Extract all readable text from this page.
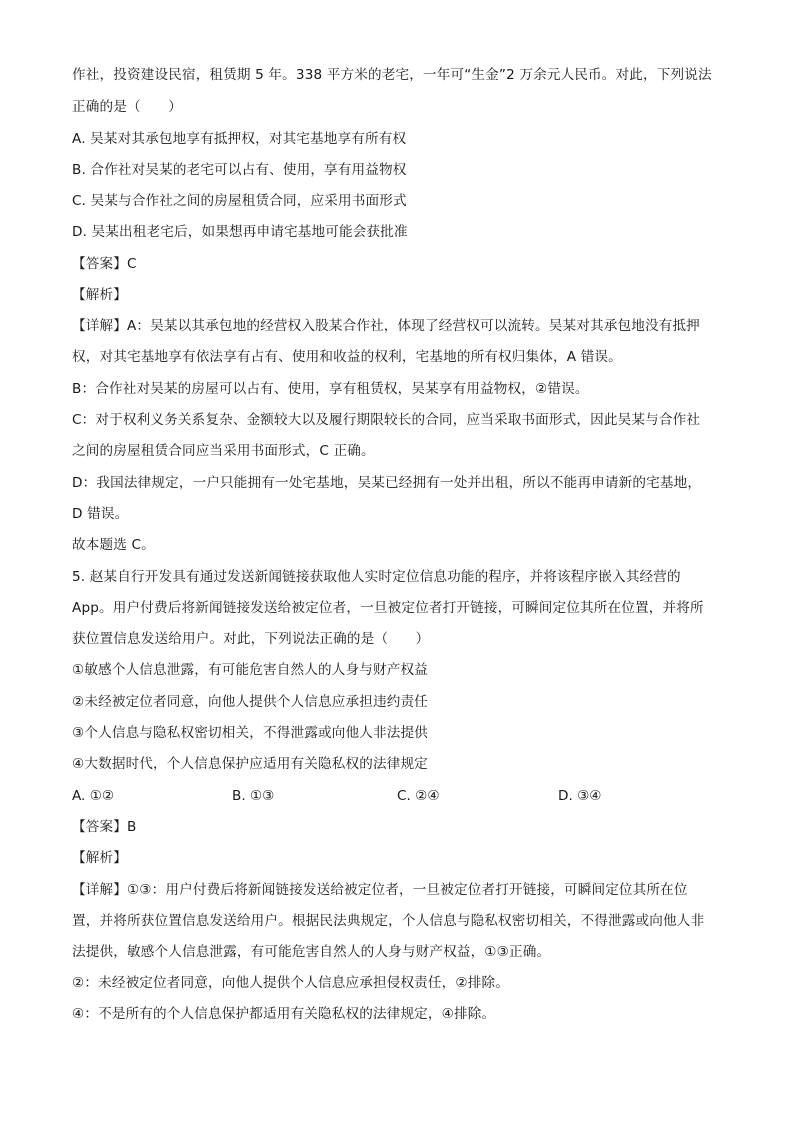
作社，投资建设民宿，租赁期 5 年。338 平方米的老宅，一年可“生金”2 万余元人民币。对此，下列说法
正确的是（　　）
A. 吴某对其承包地享有抵押权，对其宅基地享有所有权
B. 合作社对吴某的老宅可以占有、使用，享有用益物权
C. 吴某与合作社之间的房屋租赁合同，应采用书面形式
D. 吴某出租老宅后，如果想再申请宅基地可能会获批准
【答案】C
【解析】
【详解】A：吴某以其承包地的经营权入股某合作社，体现了经营权可以流转。吴某对其承包地没有抵押
权，对其宅基地享有依法享有占有、使用和收益的权利，宅基地的所有权归集体，A 错误。
B：合作社对吴某的房屋可以占有、使用，享有租赁权，吴某享有用益物权，②错误。
C：对于权利义务关系复杂、金额较大以及履行期限较长的合同，应当采取书面形式，因此吴某与合作社
之间的房屋租赁合同应当采用书面形式，C 正确。
D：我国法律规定，一户只能拥有一处宅基地，吴某已经拥有一处并出租，所以不能再申请新的宅基地，
D 错误。
故本题选 C。
5. 赵某自行开发具有通过发送新闻链接获取他人实时定位信息功能的程序，并将该程序嵌入其经营的
App。用户付费后将新闻链接发送给被定位者，一旦被定位者打开链接，可瞬间定位其所在位置，并将所
获位置信息发送给用户。对此，下列说法正确的是（　　）
①敏感个人信息泄露，有可能危害自然人的人身与财产权益
②未经被定位者同意，向他人提供个人信息应承担违约责任
③个人信息与隐私权密切相关，不得泄露或向他人非法提供
④大数据时代，个人信息保护应适用有关隐私权的法律规定
A. ①②	B. ①③	C. ②④	D. ③④
【答案】B
【解析】
【详解】①③：用户付费后将新闻链接发送给被定位者，一旦被定位者打开链接，可瞬间定位其所在位
置，并将所获位置信息发送给用户。根据民法典规定，个人信息与隐私权密切相关，不得泄露或向他人非
法提供，敏感个人信息泄露，有可能危害自然人的人身与财产权益，①③正确。
②：未经被定位者同意，向他人提供个人信息应承担侵权责任，②排除。
④：不是所有的个人信息保护都适用有关隐私权的法律规定，④排除。
